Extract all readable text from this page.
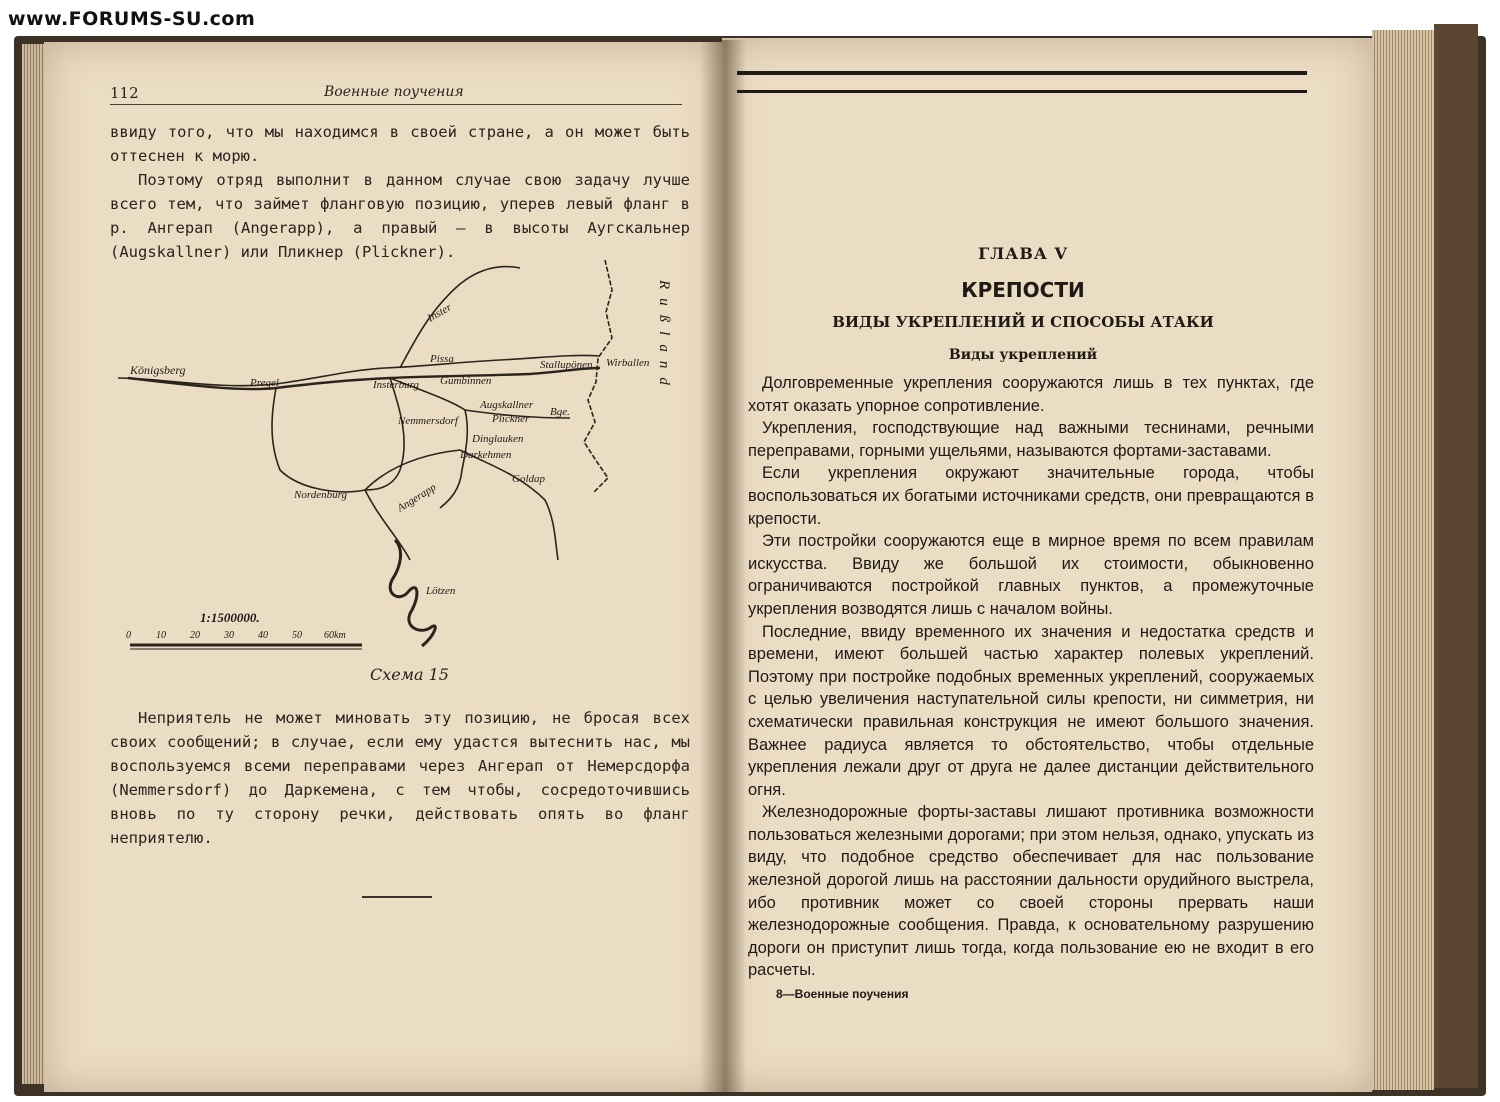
www.FORUMS-SU.com
112	Военные поучения

ввиду того, что мы находимся в своей стране, а он может быть оттеснен к морю.

Поэтому отряд выполнит в данном случае свою задачу лучше всего тем, что займет фланговую позицию, уперев левый фланг в р. Ангерап (Angerapp), а правый — в высоты Аугскальнер (Augskallner) или Пликнер (Plickner).

Königsberg
Pregel	Insterburg Gumbinnen
Pissa	Stallupönen Wirballen
Inster
Augskallner
Plickner
Bge.
Nemmersdorf
Dinglauken
Darkehmen
Goldap
Nordenburg	Angerapp
Lötzen
Rußland
1:1500000.
0	10 20 30 40 50 60km
Схема 15

Неприятель не может миновать эту позицию, не бросая всех своих сообщений; в случае, если ему удастся вытеснить нас, мы воспользуемся всеми переправами через Ангерап от Немерсдорфа (Nemmersdorf) до Даркемена, с тем чтобы, сосредоточившись вновь по ту сторону речки, действовать опять во фланг неприятелю.

ГЛАВА V
КРЕПОСТИ
ВИДЫ УКРЕПЛЕНИЙ И СПОСОБЫ АТАКИ
Виды укреплений

Долговременные укрепления сооружаются лишь в тех пунктах, где хотят оказать упорное сопротивление.

Укрепления, господствующие над важными теснинами, речными переправами, горными ущельями, называются фортами-заставами.

Если укрепления окружают значительные города, чтобы воспользоваться их богатыми источниками средств, они превращаются в крепости.

Эти постройки сооружаются еще в мирное время по всем правилам искусства. Ввиду же большой их стоимости, обыкновенно ограничиваются постройкой главных пунктов, а промежуточные укрепления возводятся лишь с началом войны.

Последние, ввиду временного их значения и недостатка средств и времени, имеют большей частью характер полевых укреплений. Поэтому при постройке подобных временных укреплений, сооружаемых с целью увеличения наступательной силы крепости, ни симметрия, ни схематически правильная конструкция не имеют большого значения. Важнее радиуса является то обстоятельство, чтобы отдельные укрепления лежали друг от друга не далее дистанции действительного огня.

Железнодорожные форты-заставы лишают противника возможности пользоваться железными дорогами; при этом нельзя, однако, упускать из виду, что подобное средство обеспечивает для нас пользование железной дорогой лишь на расстоянии дальности орудийного выстрела, ибо противник может со своей стороны прервать наши железнодорожные сообщения. Правда, к основательному разрушению дороги он приступит лишь тогда, когда пользование ею не входит в его расчеты.

8—Военные поучения
